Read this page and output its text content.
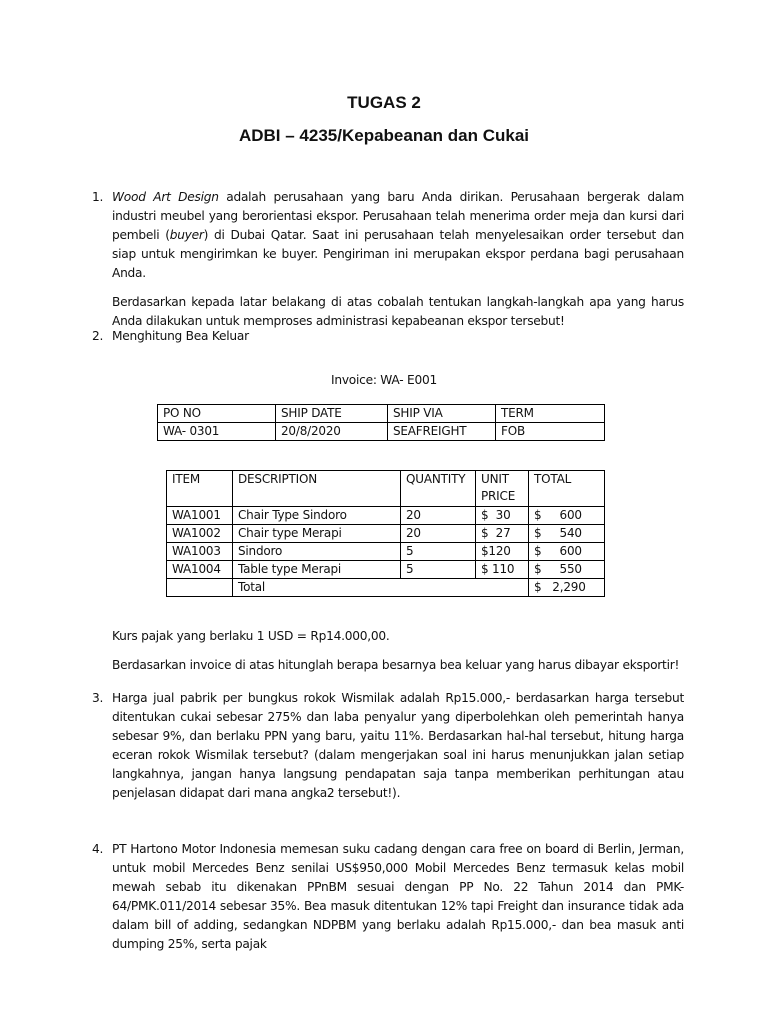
TUGAS 2
ADBI – 4235/Kepabeanan dan Cukai
1. Wood Art Design adalah perusahaan yang baru Anda dirikan. Perusahaan bergerak dalam industri meubel yang berorientasi ekspor. Perusahaan telah menerima order meja dan kursi dari pembeli (buyer) di Dubai Qatar. Saat ini perusahaan telah menyelesaikan order tersebut dan siap untuk mengirimkan ke buyer. Pengiriman ini merupakan ekspor perdana bagi perusahaan Anda.

Berdasarkan kepada latar belakang di atas cobalah tentukan langkah-langkah apa yang harus Anda dilakukan untuk memproses administrasi kepabeanan ekspor tersebut!

2. Menghitung Bea Keluar
Invoice: WA- E001
PO NO	SHIP DATE	SHIP VIA	TERM
WA- 0301	20/8/2020	SEAFREIGHT	FOB
ITEM	DESCRIPTION	QUANTITY	UNIT PRICE	TOTAL
WA1001	Chair Type Sindoro	20	$  30	$     600
WA1002	Chair type Merapi	20	$  27	$     540
WA1003	Sindoro	5	$120	$     600
WA1004	Table type Merapi	5	$ 110	$     550
	Total			$   2,290

Kurs pajak yang berlaku 1 USD = Rp14.000,00.

Berdasarkan invoice di atas hitunglah berapa besarnya bea keluar yang harus dibayar eksportir!

3. Harga jual pabrik per bungkus rokok Wismilak adalah Rp15.000,- berdasarkan harga tersebut ditentukan cukai sebesar 275% dan laba penyalur yang diperbolehkan oleh pemerintah hanya sebesar 9%, dan berlaku PPN yang baru, yaitu 11%. Berdasarkan hal-hal tersebut, hitung harga eceran rokok Wismilak tersebut? (dalam mengerjakan soal ini harus menunjukkan jalan setiap langkahnya, jangan hanya langsung pendapatan saja tanpa memberikan perhitungan atau penjelasan didapat dari mana angka2 tersebut!).
4. PT Hartono Motor Indonesia memesan suku cadang dengan cara free on board di Berlin, Jerman, untuk mobil Mercedes Benz senilai US$950,000 Mobil Mercedes Benz termasuk kelas mobil mewah sebab itu dikenakan PPnBM sesuai dengan PP No. 22 Tahun 2014 dan PMK-64/PMK.011/2014 sebesar 35%. Bea masuk ditentukan 12% tapi Freight dan insurance tidak ada dalam bill of adding, sedangkan NDPBM yang berlaku adalah Rp15.000,- dan bea masuk anti dumping 25%, serta pajak
